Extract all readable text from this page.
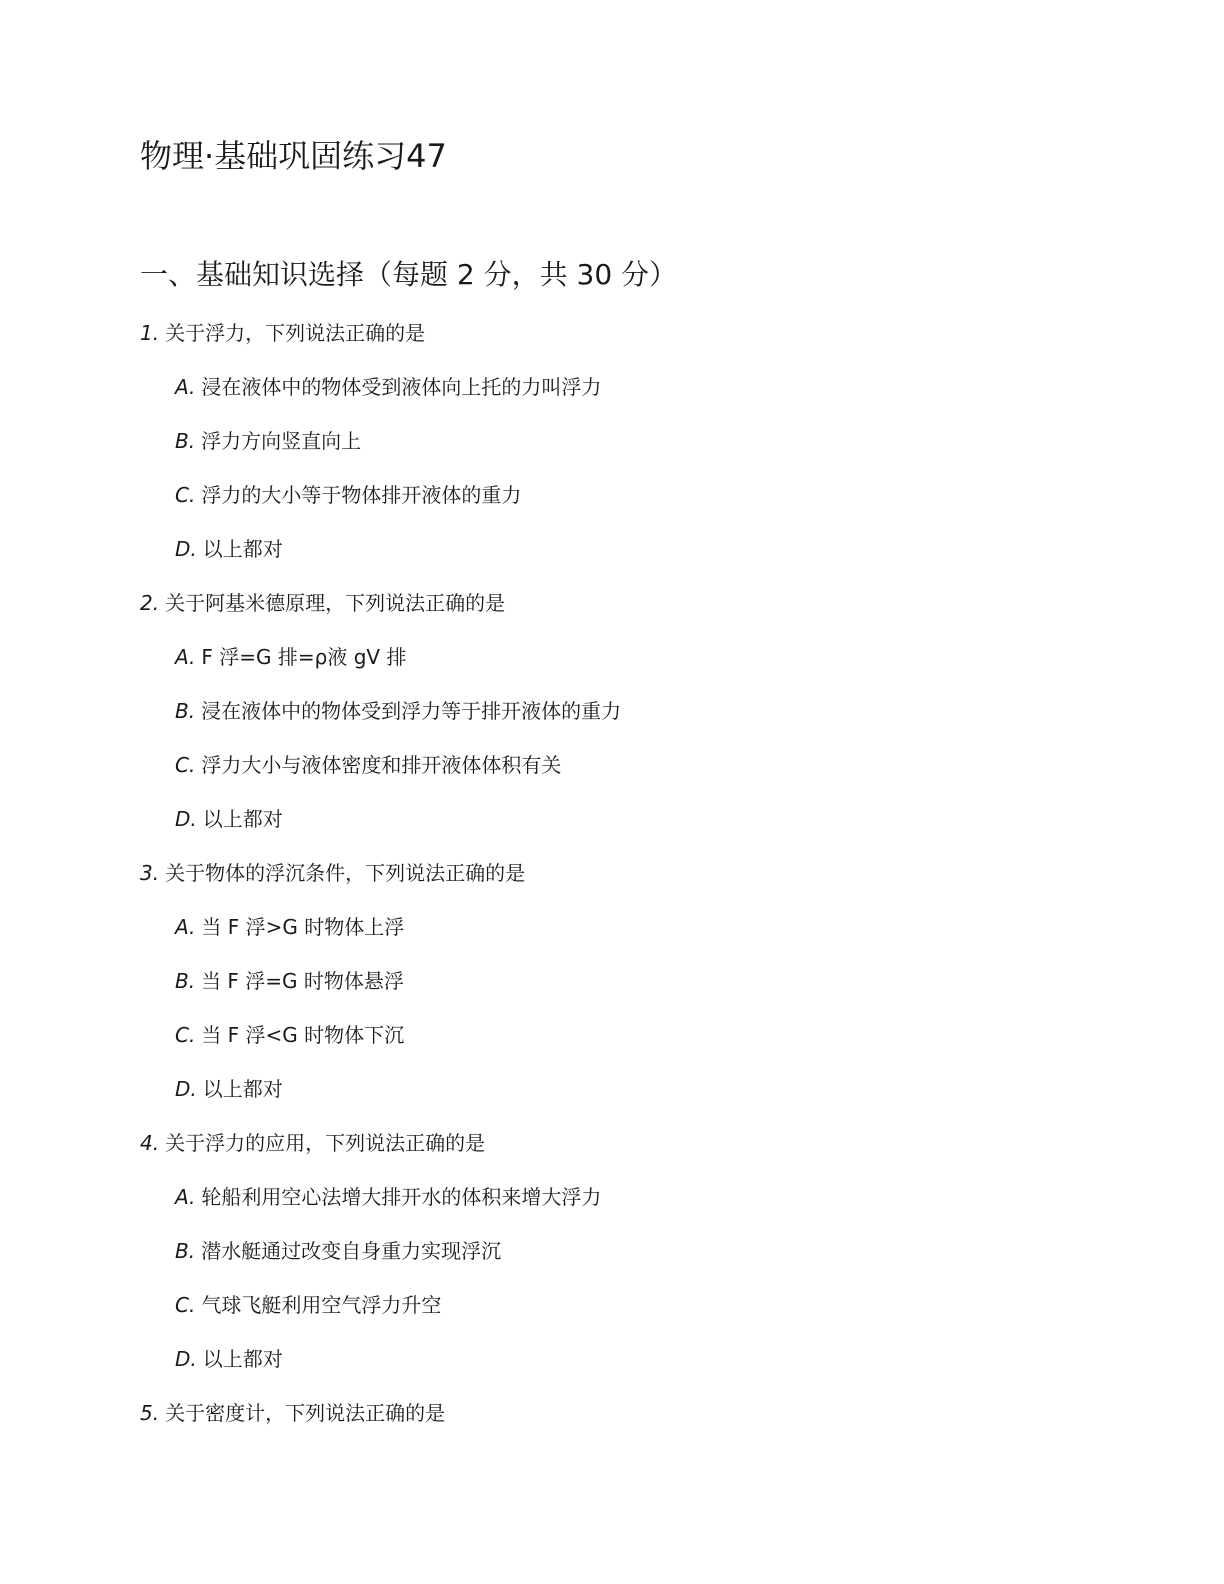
物理·基础巩固练习47
一、基础知识选择（每题 2 分，共 30 分）
1. 关于浮力，下列说法正确的是
A. 浸在液体中的物体受到液体向上托的力叫浮力
B. 浮力方向竖直向上
C. 浮力的大小等于物体排开液体的重力
D. 以上都对
2. 关于阿基米德原理，下列说法正确的是
A. F 浮=G 排=ρ液 gV 排
B. 浸在液体中的物体受到浮力等于排开液体的重力
C. 浮力大小与液体密度和排开液体体积有关
D. 以上都对
3. 关于物体的浮沉条件，下列说法正确的是
A. 当 F 浮>G 时物体上浮
B. 当 F 浮=G 时物体悬浮
C. 当 F 浮<G 时物体下沉
D. 以上都对
4. 关于浮力的应用，下列说法正确的是
A. 轮船利用空心法增大排开水的体积来增大浮力
B. 潜水艇通过改变自身重力实现浮沉
C. 气球飞艇利用空气浮力升空
D. 以上都对
5. 关于密度计，下列说法正确的是
